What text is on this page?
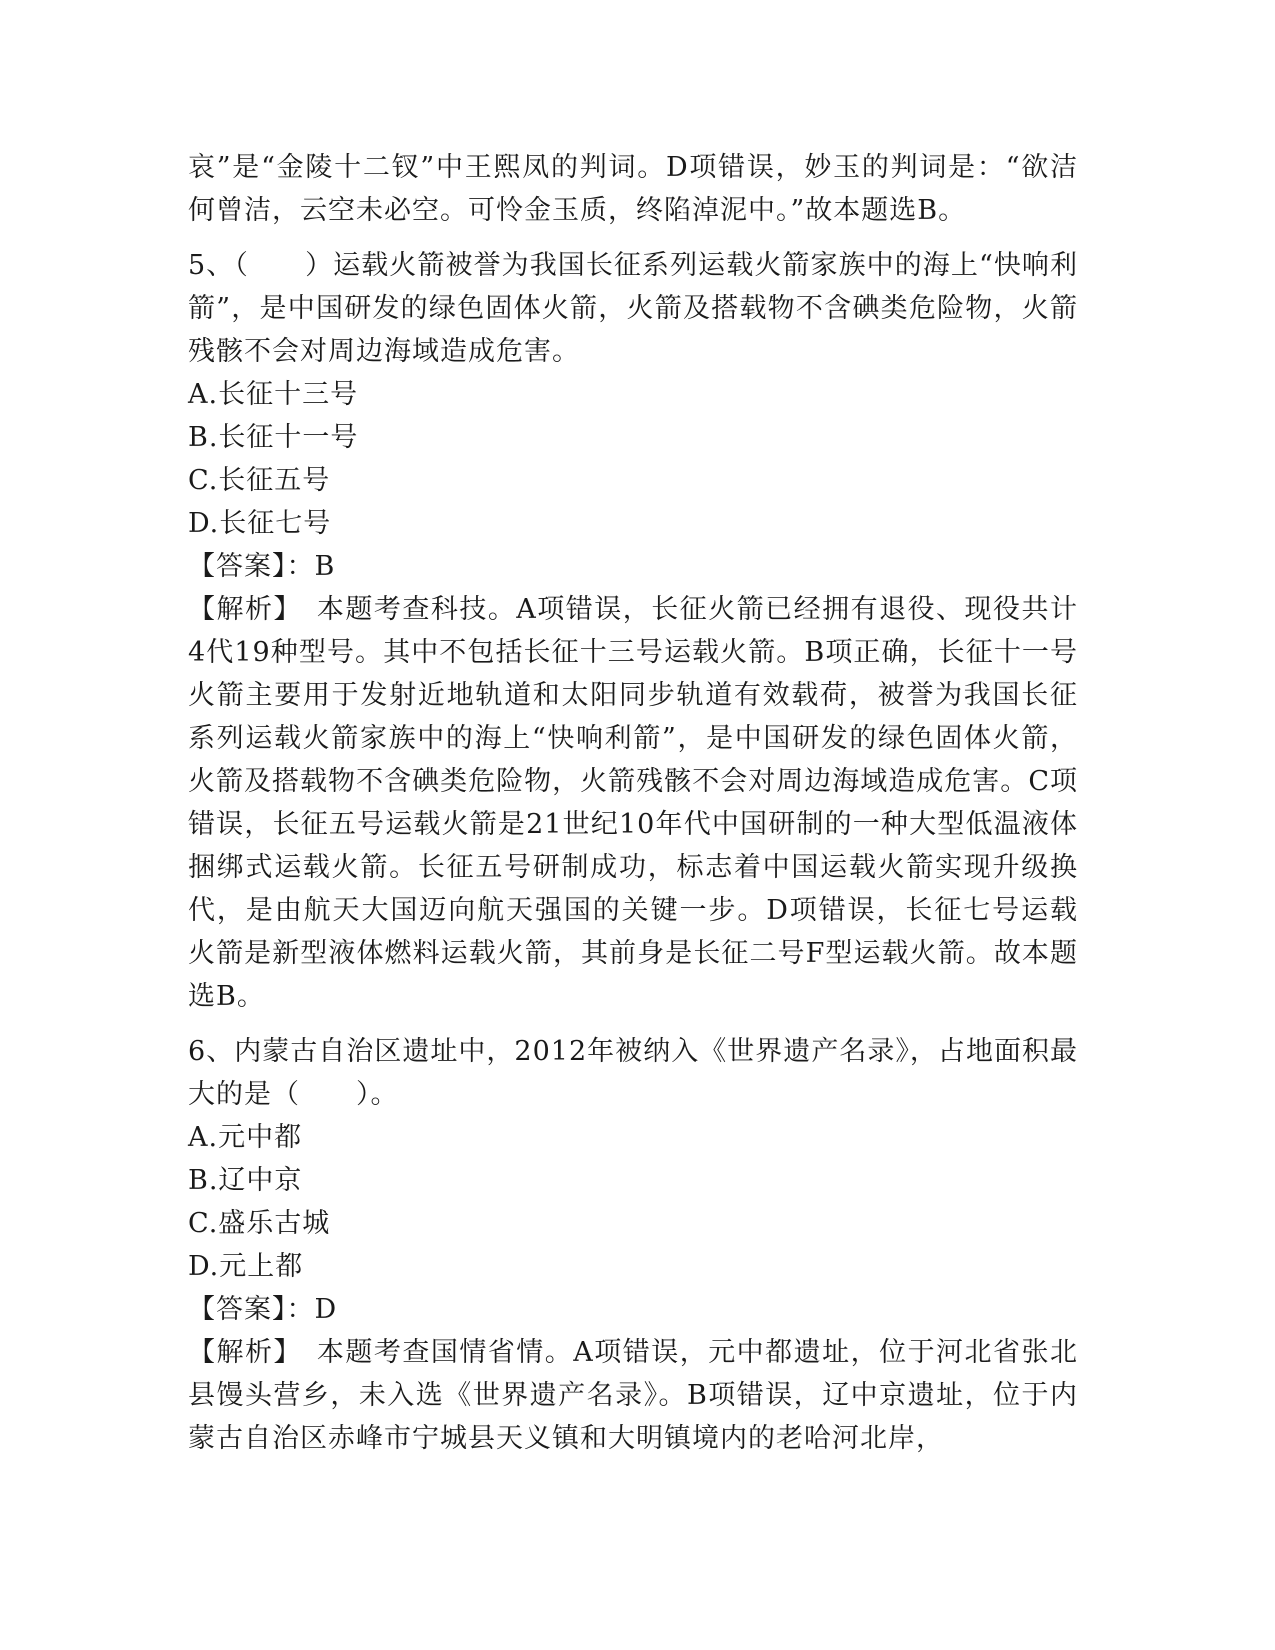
哀”是“金陵十二钗”中王熙凤的判词。D项错误，妙玉的判词是：“欲洁何曾洁，云空未必空。可怜金玉质，终陷淖泥中。”故本题选B。

5、（　　）运载火箭被誉为我国长征系列运载火箭家族中的海上“快响利箭”，是中国研发的绿色固体火箭，火箭及搭载物不含碘类危险物，火箭残骸不会对周边海域造成危害。

A.长征十三号

B.长征十一号

C.长征五号

D.长征七号

【答案】：B

【解析】　本题考查科技。A项错误，长征火箭已经拥有退役、现役共计4代19种型号。其中不包括长征十三号运载火箭。B项正确，长征十一号火箭主要用于发射近地轨道和太阳同步轨道有效载荷，被誉为我国长征系列运载火箭家族中的海上“快响利箭”，是中国研发的绿色固体火箭，火箭及搭载物不含碘类危险物，火箭残骸不会对周边海域造成危害。C项错误，长征五号运载火箭是21世纪10年代中国研制的一种大型低温液体捆绑式运载火箭。长征五号研制成功，标志着中国运载火箭实现升级换代，是由航天大国迈向航天强国的关键一步。D项错误，长征七号运载火箭是新型液体燃料运载火箭，其前身是长征二号F型运载火箭。故本题选B。

6、内蒙古自治区遗址中，2012年被纳入《世界遗产名录》，占地面积最大的是（　　）。

A.元中都

B.辽中京

C.盛乐古城

D.元上都

【答案】：D

【解析】　本题考查国情省情。A项错误，元中都遗址，位于河北省张北县馒头营乡，未入选《世界遗产名录》。B项错误，辽中京遗址，位于内蒙古自治区赤峰市宁城县天义镇和大明镇境内的老哈河北岸，
